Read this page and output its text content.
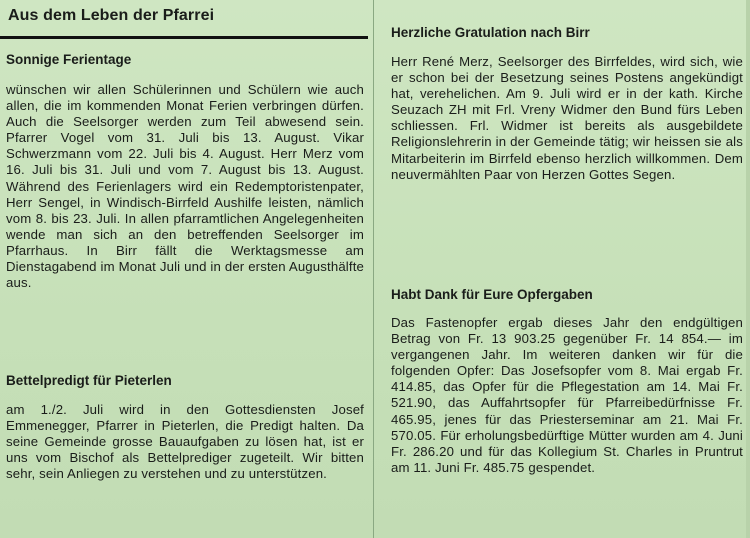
Aus dem Leben der Pfarrei
Sonnige Ferientage

wünschen wir allen Schülerinnen und Schülern wie auch allen, die im kommenden Monat Ferien verbringen dürfen. Auch die Seelsorger werden zum Teil abwesend sein. Pfarrer Vogel vom 31. Juli bis 13. August. Vikar Schwerzmann vom 22. Juli bis 4. August. Herr Merz vom 16. Juli bis 31. Juli und vom 7. August bis 13. August. Während des Ferienlagers wird ein Redemptoristenpater, Herr Sengel, in Windisch-Birrfeld Aushilfe leisten, nämlich vom 8. bis 23. Juli. In allen pfarramtlichen Angelegenheiten wende man sich an den betreffenden Seelsorger im Pfarrhaus. In Birr fällt die Werktagsmesse am Dienstagabend im Monat Juli und in der ersten Augusthälfte aus.

Bettelpredigt für Pieterlen

am 1./2. Juli wird in den Gottesdiensten Josef Emmenegger, Pfarrer in Pieterlen, die Predigt halten. Da seine Gemeinde grosse Bauaufgaben zu lösen hat, ist er uns vom Bischof als Bettelprediger zugeteilt. Wir bitten sehr, sein Anliegen zu verstehen und zu unterstützen.

Herzliche Gratulation nach Birr

Herr René Merz, Seelsorger des Birrfeldes, wird sich, wie er schon bei der Besetzung seines Postens angekündigt hat, verehelichen. Am 9. Juli wird er in der kath. Kirche Seuzach ZH mit Frl. Vreny Widmer den Bund fürs Leben schliessen. Frl. Widmer ist bereits als ausgebildete Religionslehrerin in der Gemeinde tätig; wir heissen sie als Mitarbeiterin im Birrfeld ebenso herzlich willkommen. Dem neuvermählten Paar von Herzen Gottes Segen.

Habt Dank für Eure Opfergaben

Das Fastenopfer ergab dieses Jahr den endgültigen Betrag von Fr. 13 903.25 gegenüber Fr. 14 854.— im vergangenen Jahr. Im weiteren danken wir für die folgenden Opfer: Das Josefsopfer vom 8. Mai ergab Fr. 414.85, das Opfer für die Pflegestation am 14. Mai Fr. 521.90, das Auffahrtsopfer für Pfarreibedürfnisse Fr. 465.95, jenes für das Priesterseminar am 21. Mai Fr. 570.05. Für erholungsbedürftige Mütter wurden am 4. Juni Fr. 286.20 und für das Kollegium St. Charles in Pruntrut am 11. Juni Fr. 485.75 gespendet.
